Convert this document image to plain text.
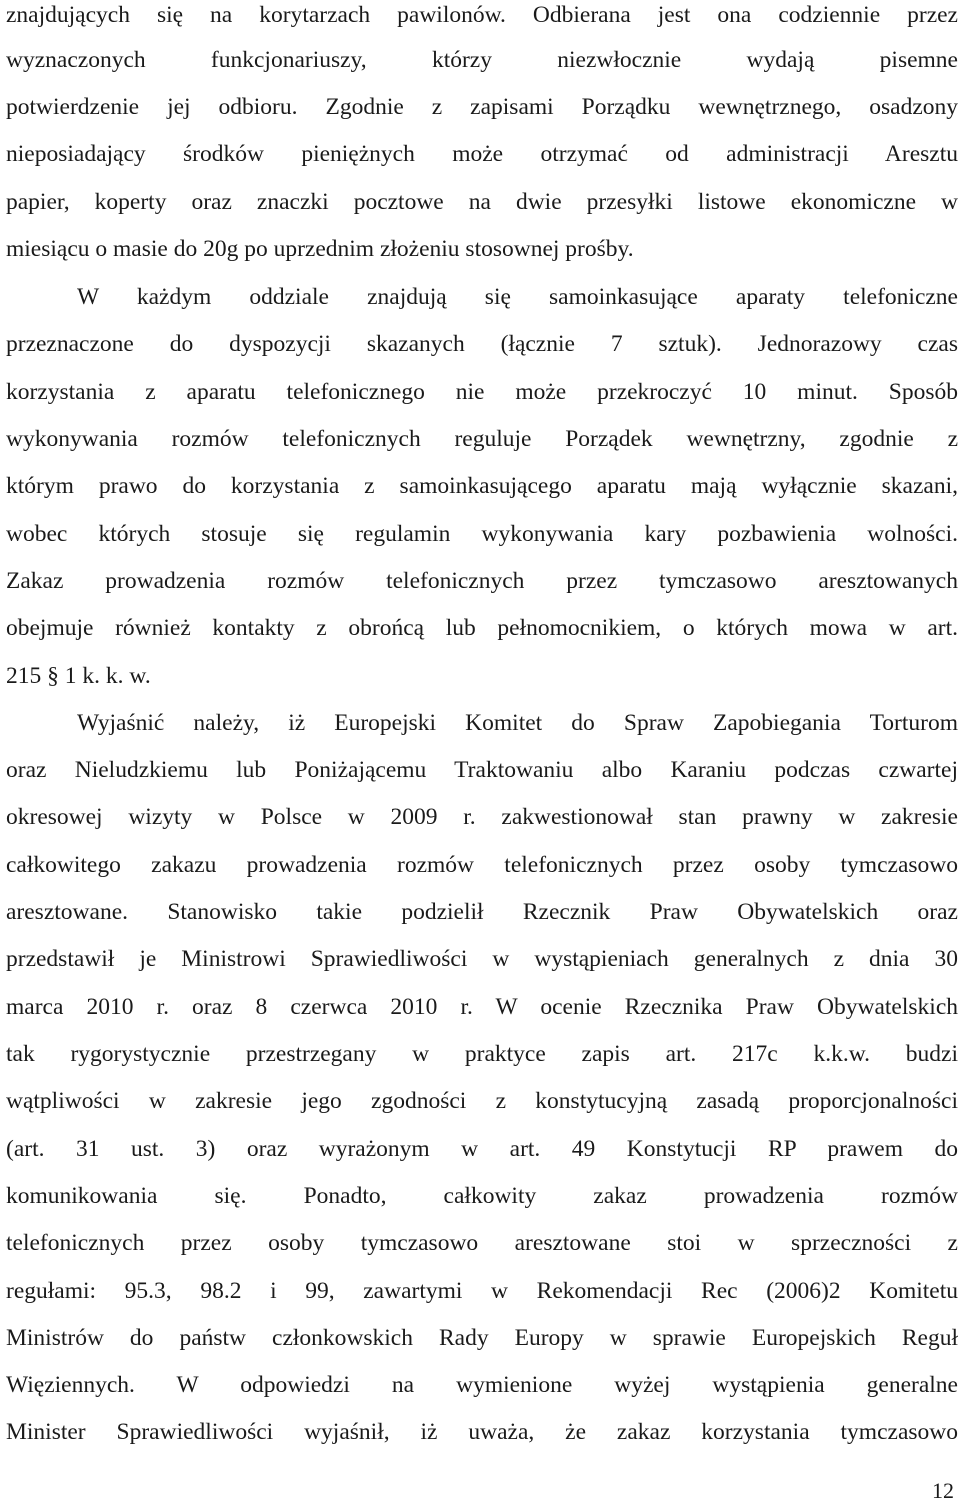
znajdujących się na korytarzach pawilonów. Odbierana jest ona codziennie przez
wyznaczonych funkcjonariuszy, którzy niezwłocznie wydają pisemne
potwierdzenie jej odbioru. Zgodnie z zapisami Porządku wewnętrznego, osadzony
nieposiadający środków pieniężnych może otrzymać od administracji Aresztu
papier, koperty oraz znaczki pocztowe na dwie przesyłki listowe ekonomiczne w
miesiącu o masie do 20g po uprzednim złożeniu stosownej prośby.
W każdym oddziale znajdują się samoinkasujące aparaty telefoniczne
przeznaczone do dyspozycji skazanych (łącznie 7 sztuk). Jednorazowy czas
korzystania z aparatu telefonicznego nie może przekroczyć 10 minut. Sposób
wykonywania rozmów telefonicznych reguluje Porządek wewnętrzny, zgodnie z
którym prawo do korzystania z samoinkasującego aparatu mają wyłącznie skazani,
wobec których stosuje się regulamin wykonywania kary pozbawienia wolności.
Zakaz prowadzenia rozmów telefonicznych przez tymczasowo aresztowanych
obejmuje również kontakty z obrońcą lub pełnomocnikiem, o których mowa w art.
215 § 1 k. k. w.
Wyjaśnić należy, iż Europejski Komitet do Spraw Zapobiegania Torturom
oraz Nieludzkiemu lub Poniżającemu Traktowaniu albo Karaniu podczas czwartej
okresowej wizyty w Polsce w 2009 r. zakwestionował stan prawny w zakresie
całkowitego zakazu prowadzenia rozmów telefonicznych przez osoby tymczasowo
aresztowane. Stanowisko takie podzielił Rzecznik Praw Obywatelskich oraz
przedstawił je Ministrowi Sprawiedliwości w wystąpieniach generalnych z dnia 30
marca 2010 r. oraz 8 czerwca 2010 r. W ocenie Rzecznika Praw Obywatelskich
tak rygorystycznie przestrzegany w praktyce zapis art. 217c k.k.w. budzi
wątpliwości w zakresie jego zgodności z konstytucyjną zasadą proporcjonalności
(art. 31 ust. 3) oraz wyrażonym w art. 49 Konstytucji RP prawem do
komunikowania się. Ponadto, całkowity zakaz prowadzenia rozmów
telefonicznych przez osoby tymczasowo aresztowane stoi w sprzeczności z
regułami: 95.3, 98.2 i 99, zawartymi w Rekomendacji Rec (2006)2 Komitetu
Ministrów do państw członkowskich Rady Europy w sprawie Europejskich Reguł
Więziennych. W odpowiedzi na wymienione wyżej wystąpienia generalne
Minister Sprawiedliwości wyjaśnił, iż uważa, że zakaz korzystania tymczasowo
12
